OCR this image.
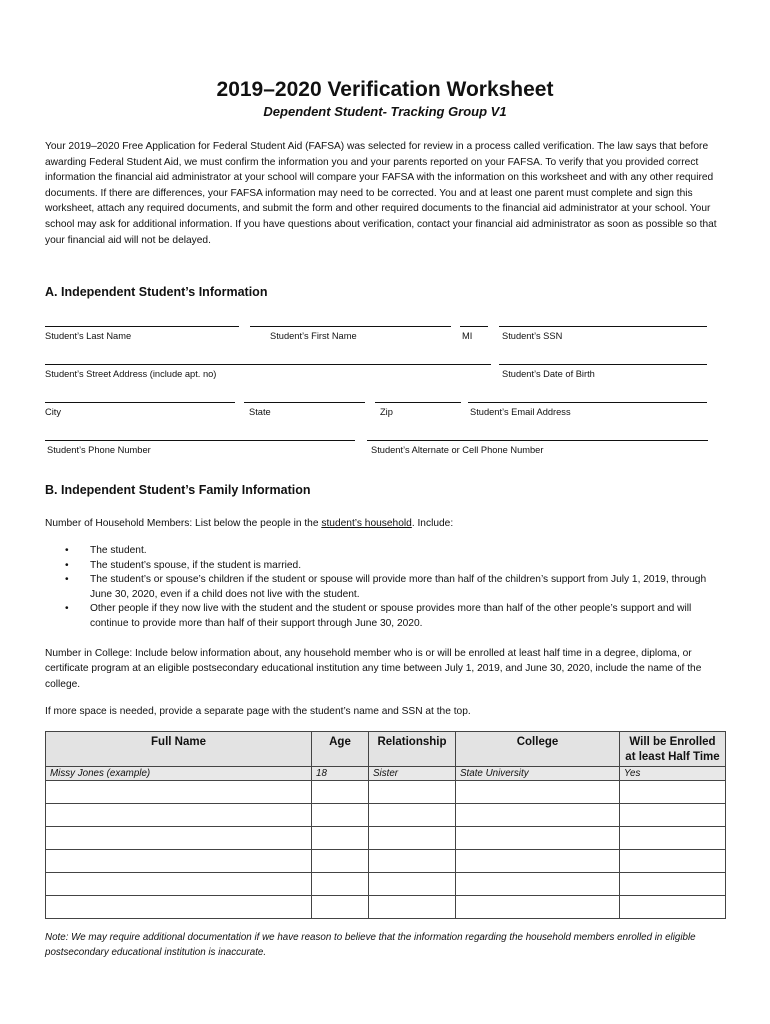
2019–2020 Verification Worksheet
Dependent Student- Tracking Group V1
Your 2019–2020 Free Application for Federal Student Aid (FAFSA) was selected for review in a process called verification. The law says that before awarding Federal Student Aid, we must confirm the information you and your parents reported on your FAFSA. To verify that you provided correct information the financial aid administrator at your school will compare your FAFSA with the information on this worksheet and with any other required documents. If there are differences, your FAFSA information may need to be corrected. You and at least one parent must complete and sign this worksheet, attach any required documents, and submit the form and other required documents to the financial aid administrator at your school. Your school may ask for additional information. If you have questions about verification, contact your financial aid administrator as soon as possible so that your financial aid will not be delayed.
A. Independent Student’s Information
Student’s Last Name	Student’s First Name	MI	Student’s SSN
Student’s Street Address (include apt. no)	Student’s Date of Birth
City	State	Zip	Student’s Email Address
Student’s Phone Number	Student’s Alternate or Cell Phone Number
B. Independent Student’s Family Information
Number of Household Members: List below the people in the student’s household. Include:
• The student.
• The student’s spouse, if the student is married.
• The student’s or spouse’s children if the student or spouse will provide more than half of the children’s support from July 1, 2019, through June 30, 2020, even if a child does not live with the student.
• Other people if they now live with the student and the student or spouse provides more than half of the other people’s support and will continue to provide more than half of their support through June 30, 2020.
Number in College: Include below information about, any household member who is or will be enrolled at least half time in a degree, diploma, or certificate program at an eligible postsecondary educational institution any time between July 1, 2019, and June 30, 2020, include the name of the college.
If more space is needed, provide a separate page with the student’s name and SSN at the top.
Full Name	Age	Relationship	College	Will be Enrolled at least Half Time
Missy Jones (example)	18	Sister	State University	Yes

Note: We may require additional documentation if we have reason to believe that the information regarding the household members enrolled in eligible postsecondary educational institution is inaccurate.
